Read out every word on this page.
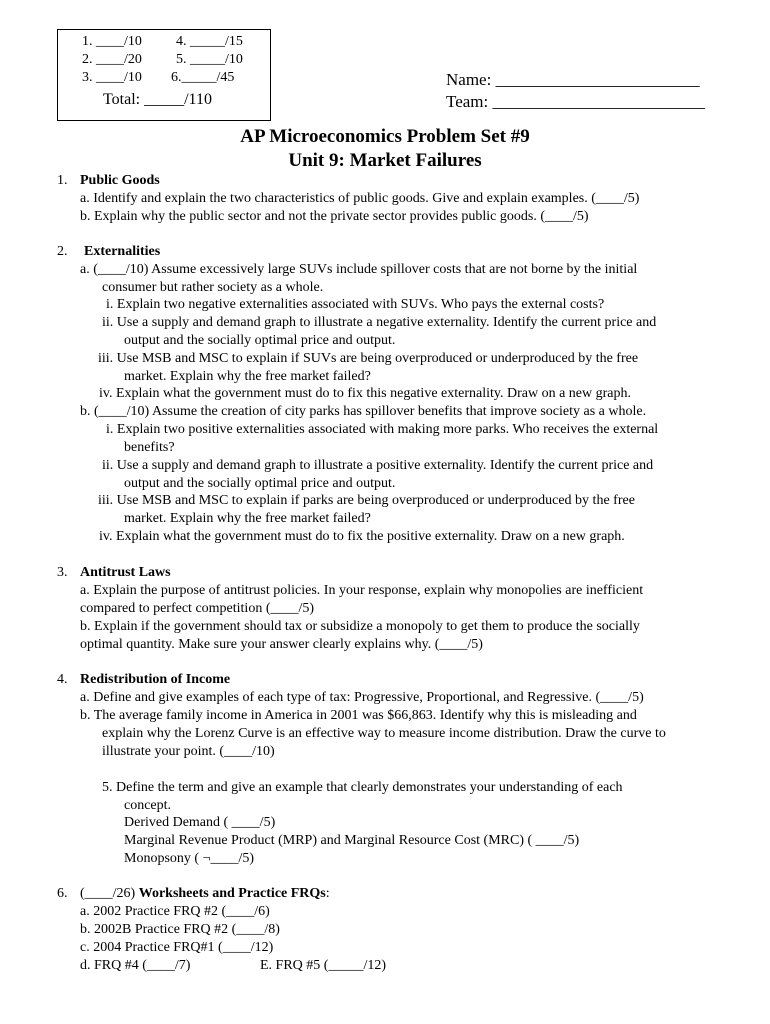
1. ____/10 4. _____/15
2. ____/20 5. _____/10
3. ____/10 6._____/45
Total: _____/110
Name: ________________________
Team: _________________________
AP Microeconomics Problem Set #9
Unit 9: Market Failures
1. Public Goods
a. Identify and explain the two characteristics of public goods. Give and explain examples. (____/5)
b. Explain why the public sector and not the private sector provides public goods. (____/5)
2. Externalities
a. (____/10) Assume excessively large SUVs include spillover costs that are not borne by the initial
consumer but rather society as a whole.
i. Explain two negative externalities associated with SUVs. Who pays the external costs?
ii. Use a supply and demand graph to illustrate a negative externality. Identify the current price and
output and the socially optimal price and output.
iii. Use MSB and MSC to explain if SUVs are being overproduced or underproduced by the free
market. Explain why the free market failed?
iv. Explain what the government must do to fix this negative externality. Draw on a new graph.
b. (____/10) Assume the creation of city parks has spillover benefits that improve society as a whole.
i. Explain two positive externalities associated with making more parks. Who receives the external
benefits?
ii. Use a supply and demand graph to illustrate a positive externality. Identify the current price and
output and the socially optimal price and output.
iii. Use MSB and MSC to explain if parks are being overproduced or underproduced by the free
market. Explain why the free market failed?
iv. Explain what the government must do to fix the positive externality. Draw on a new graph.
3. Antitrust Laws
a. Explain the purpose of antitrust policies. In your response, explain why monopolies are inefficient
compared to perfect competition (____/5)
b. Explain if the government should tax or subsidize a monopoly to get them to produce the socially
optimal quantity. Make sure your answer clearly explains why. (____/5)
4. Redistribution of Income
a. Define and give examples of each type of tax: Progressive, Proportional, and Regressive. (____/5)
b. The average family income in America in 2001 was $66,863. Identify why this is misleading and
explain why the Lorenz Curve is an effective way to measure income distribution. Draw the curve to
illustrate your point. (____/10)
5. Define the term and give an example that clearly demonstrates your understanding of each
concept.
Derived Demand ( ____/5)
Marginal Revenue Product (MRP) and Marginal Resource Cost (MRC) ( ____/5)
Monopsony ( ¬____/5)
6. (____/26) Worksheets and Practice FRQs:
a. 2002 Practice FRQ #2 (____/6)
b. 2002B Practice FRQ #2 (____/8)
c. 2004 Practice FRQ#1 (____/12)
d. FRQ #4 (____/7)	E. FRQ #5 (_____/12)
